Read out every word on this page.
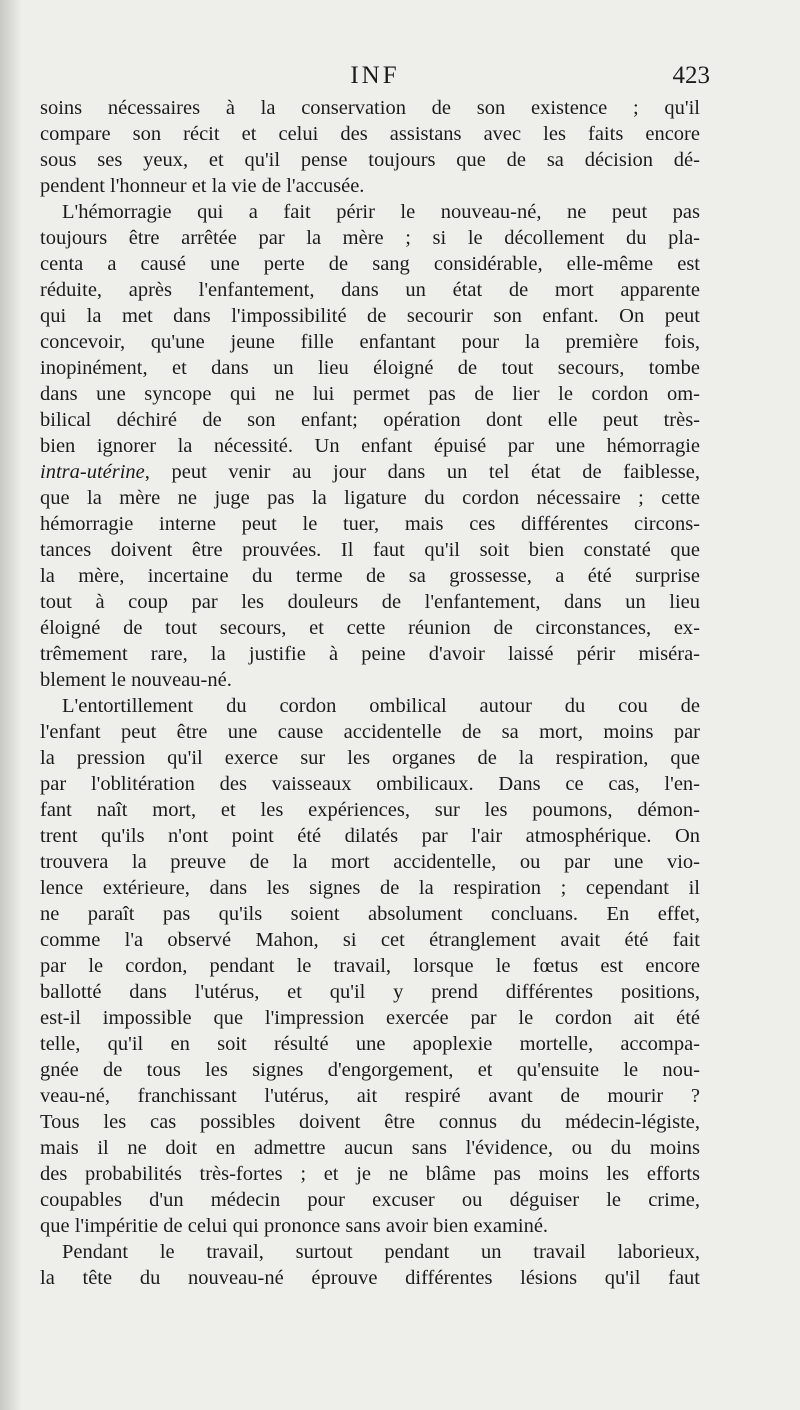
INF	423
soins nécessaires à la conservation de son existence ; qu'il
compare son récit et celui des assistans avec les faits encore
sous ses yeux, et qu'il pense toujours que de sa décision dé-
pendent l'honneur et la vie de l'accusée.
L'hémorragie qui a fait périr le nouveau-né, ne peut pas
toujours être arrêtée par la mère ; si le décollement du pla-
centa a causé une perte de sang considérable, elle-même est
réduite, après l'enfantement, dans un état de mort apparente
qui la met dans l'impossibilité de secourir son enfant. On peut
concevoir, qu'une jeune fille enfantant pour la première fois,
inopinément, et dans un lieu éloigné de tout secours, tombe
dans une syncope qui ne lui permet pas de lier le cordon om-
bilical déchiré de son enfant; opération dont elle peut très-
bien ignorer la nécessité. Un enfant épuisé par une hémorragie
intra-utérine, peut venir au jour dans un tel état de faiblesse,
que la mère ne juge pas la ligature du cordon nécessaire ; cette
hémorragie interne peut le tuer, mais ces différentes circons-
tances doivent être prouvées. Il faut qu'il soit bien constaté que
la mère, incertaine du terme de sa grossesse, a été surprise
tout à coup par les douleurs de l'enfantement, dans un lieu
éloigné de tout secours, et cette réunion de circonstances, ex-
trêmement rare, la justifie à peine d'avoir laissé périr miséra-
blement le nouveau-né.
L'entortillement du cordon ombilical autour du cou de
l'enfant peut être une cause accidentelle de sa mort, moins par
la pression qu'il exerce sur les organes de la respiration, que
par l'oblitération des vaisseaux ombilicaux. Dans ce cas, l'en-
fant naît mort, et les expériences, sur les poumons, démon-
trent qu'ils n'ont point été dilatés par l'air atmosphérique. On
trouvera la preuve de la mort accidentelle, ou par une vio-
lence extérieure, dans les signes de la respiration ; cependant il
ne paraît pas qu'ils soient absolument concluans. En effet,
comme l'a observé Mahon, si cet étranglement avait été fait
par le cordon, pendant le travail, lorsque le fœtus est encore
ballotté dans l'utérus, et qu'il y prend différentes positions,
est-il impossible que l'impression exercée par le cordon ait été
telle, qu'il en soit résulté une apoplexie mortelle, accompa-
gnée de tous les signes d'engorgement, et qu'ensuite le nou-
veau-né, franchissant l'utérus, ait respiré avant de mourir ?
Tous les cas possibles doivent être connus du médecin-légiste,
mais il ne doit en admettre aucun sans l'évidence, ou du moins
des probabilités très-fortes ; et je ne blâme pas moins les efforts
coupables d'un médecin pour excuser ou déguiser le crime,
que l'impéritie de celui qui prononce sans avoir bien examiné.
Pendant le travail, surtout pendant un travail laborieux,
la tête du nouveau-né éprouve différentes lésions qu'il faut
